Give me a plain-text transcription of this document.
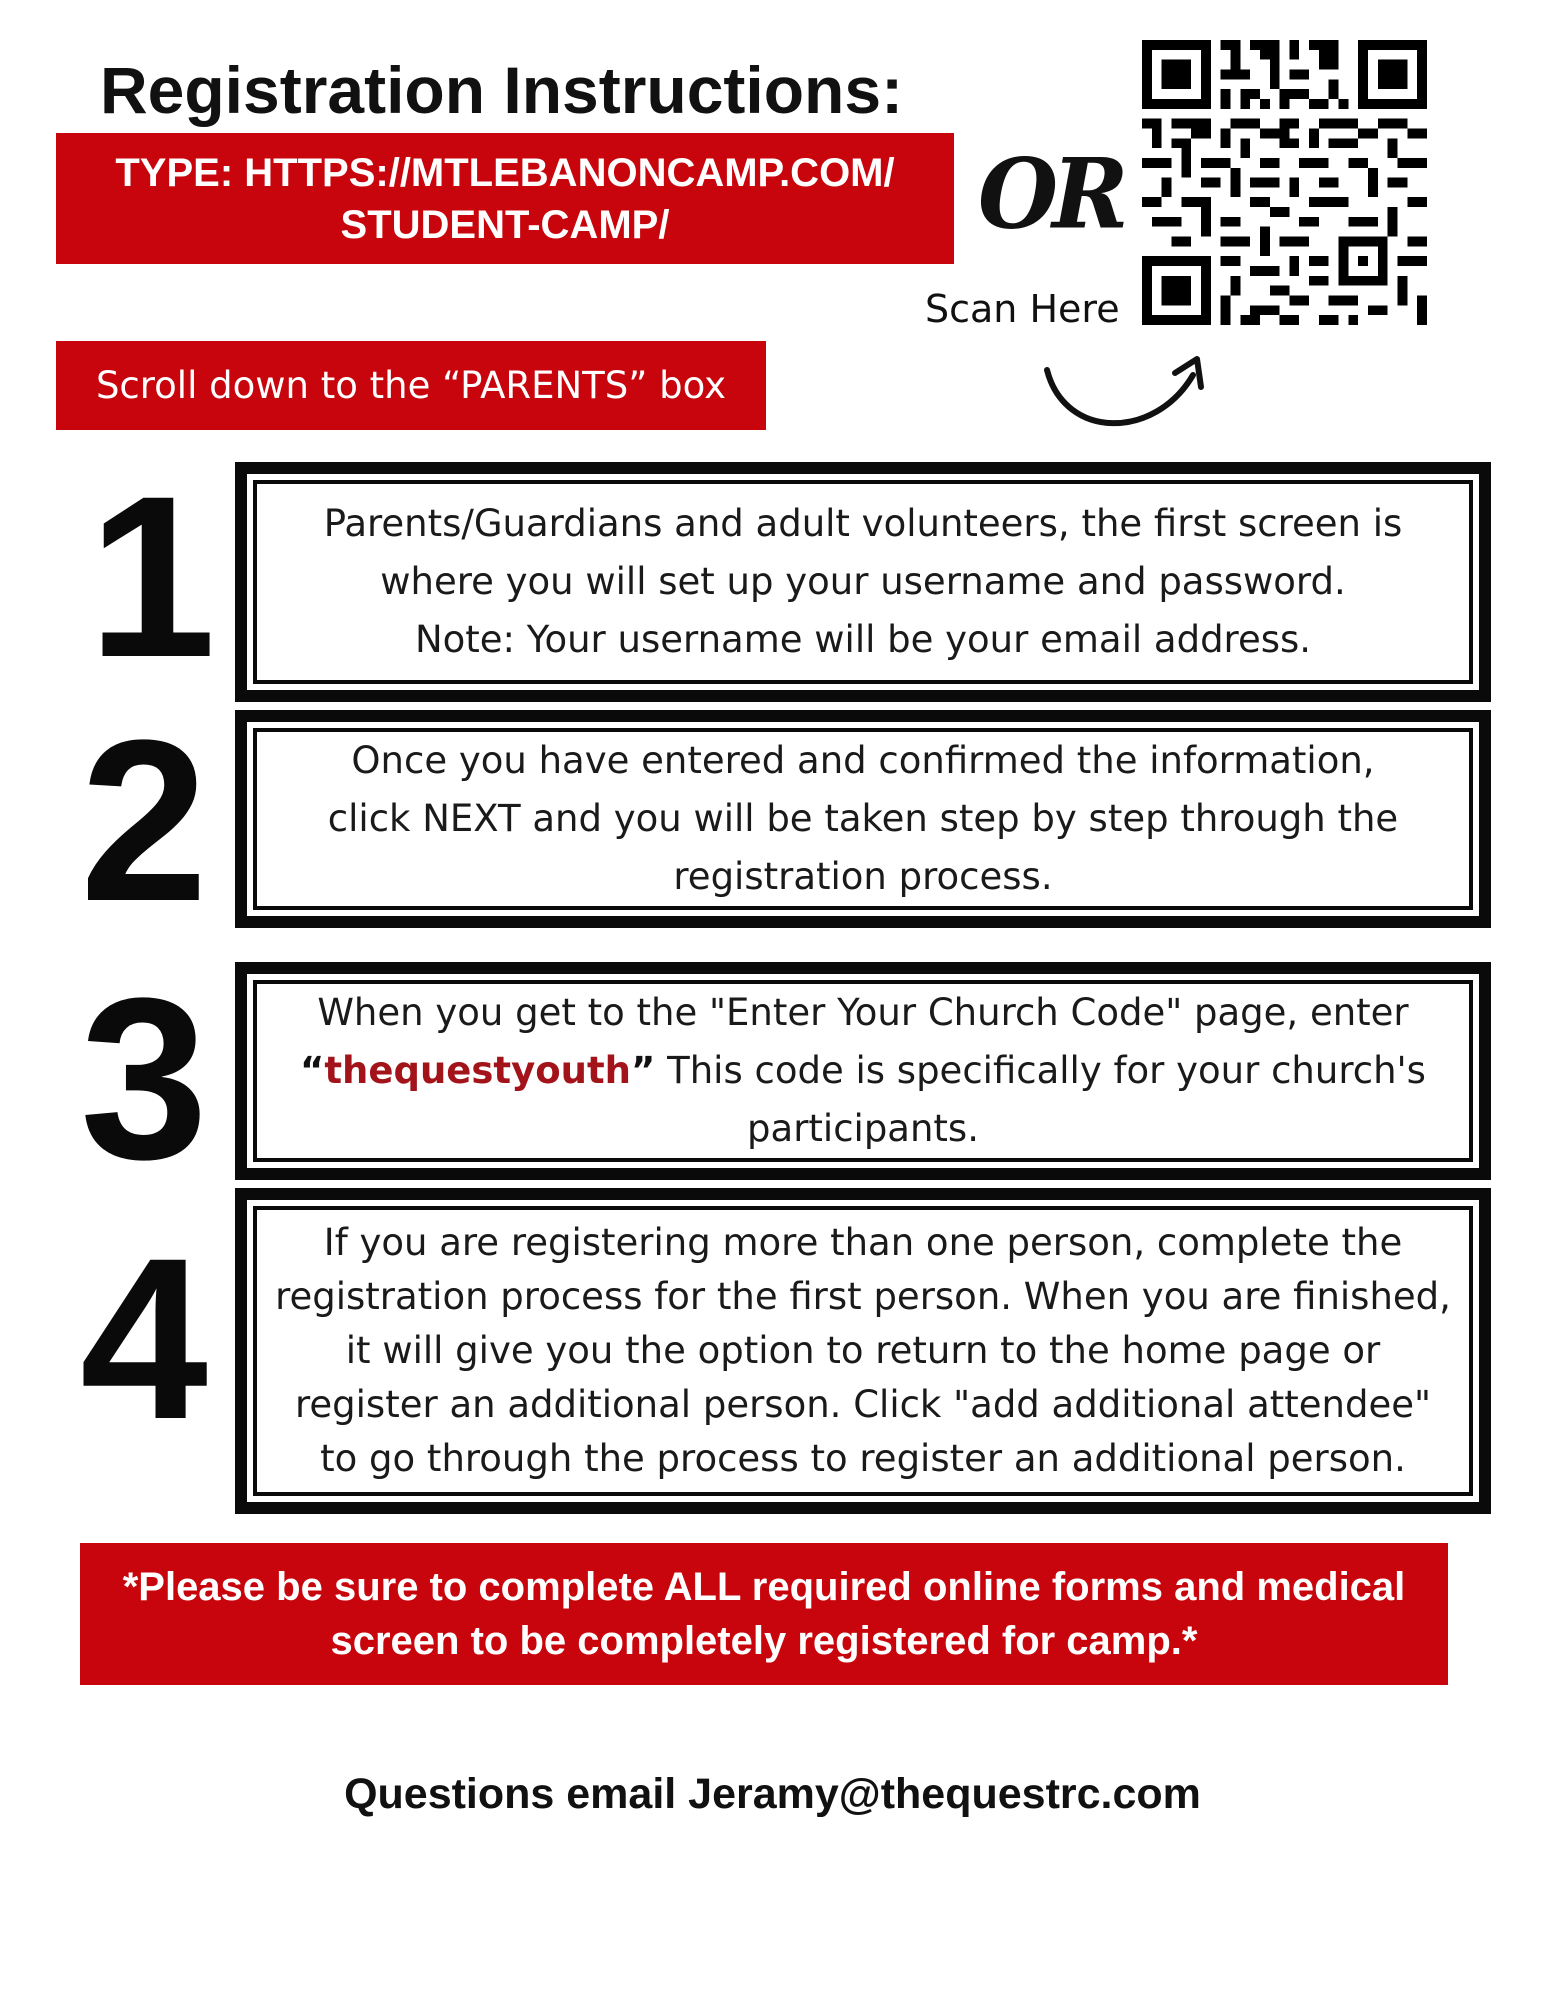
Registration Instructions:
TYPE: HTTPS://MTLEBANONCAMP.COM/
STUDENT-CAMP/	OR
Scan Here
Scroll down to the “PARENTS” box
1	Parents/Guardians and adult volunteers, the first screen is
where you will set up your username and password.
Note: Your username will be your email address.
2	Once you have entered and confirmed the information,
click NEXT and you will be taken step by step through the
registration process.
3	When you get to the "Enter Your Church Code" page, enter
“thequestyouth” This code is specifically for your church's
participants.
4	If you are registering more than one person, complete the
registration process for the first person. When you are finished,
it will give you the option to return to the home page or
register an additional person. Click "add additional attendee"
to go through the process to register an additional person.
*Please be sure to complete ALL required online forms and medical
screen to be completely registered for camp.*
Questions email Jeramy@thequestrc.com
